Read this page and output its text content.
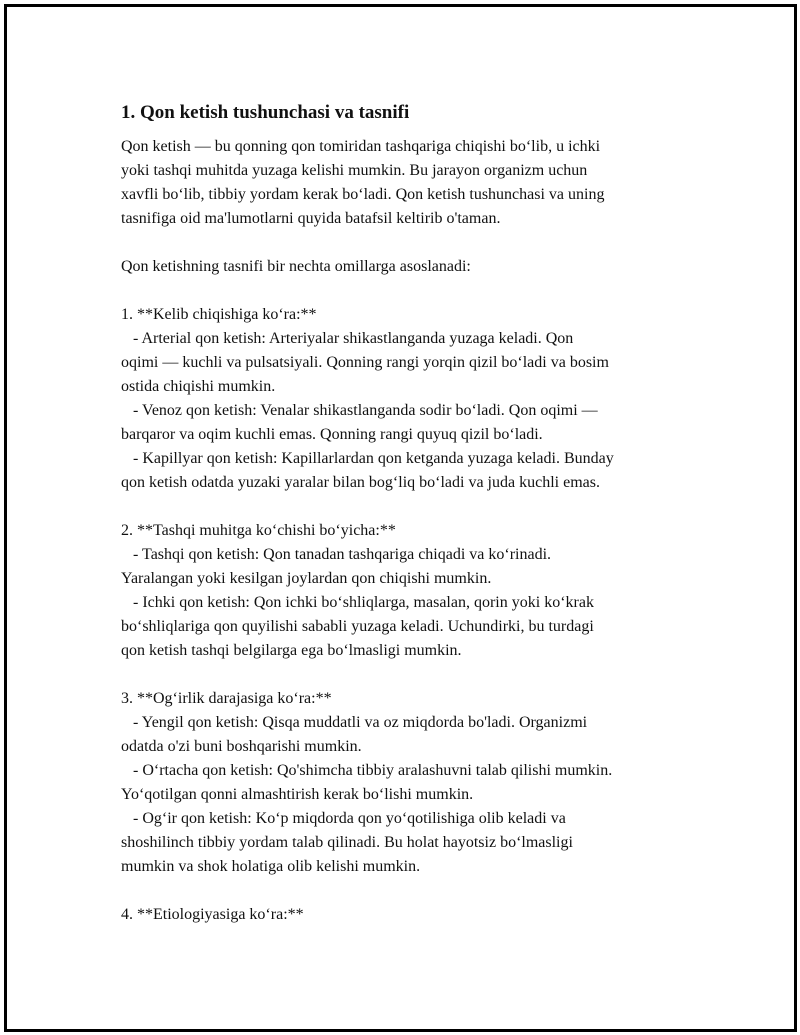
1. Qon ketish tushunchasi va tasnifi
Qon ketish — bu qonning qon tomiridan tashqariga chiqishi bo‘lib, u ichki
yoki tashqi muhitda yuzaga kelishi mumkin. Bu jarayon organizm uchun
xavfli bo‘lib, tibbiy yordam kerak bo‘ladi. Qon ketish tushunchasi va uning
tasnifiga oid ma'lumotlarni quyida batafsil keltirib o'taman.
Qon ketishning tasnifi bir nechta omillarga asoslanadi:
1. **Kelib chiqishiga ko‘ra:**
- Arterial qon ketish: Arteriyalar shikastlanganda yuzaga keladi. Qon
oqimi — kuchli va pulsatsiyali. Qonning rangi yorqin qizil bo‘ladi va bosim
ostida chiqishi mumkin.
- Venoz qon ketish: Venalar shikastlanganda sodir bo‘ladi. Qon oqimi —
barqaror va oqim kuchli emas. Qonning rangi quyuq qizil bo‘ladi.
- Kapillyar qon ketish: Kapillarlardan qon ketganda yuzaga keladi. Bunday
qon ketish odatda yuzaki yaralar bilan bog‘liq bo‘ladi va juda kuchli emas.
2. **Tashqi muhitga ko‘chishi bo‘yicha:**
- Tashqi qon ketish: Qon tanadan tashqariga chiqadi va ko‘rinadi.
Yaralangan yoki kesilgan joylardan qon chiqishi mumkin.
- Ichki qon ketish: Qon ichki bo‘shliqlarga, masalan, qorin yoki ko‘krak
bo‘shliqlariga qon quyilishi sababli yuzaga keladi. Uchundirki, bu turdagi
qon ketish tashqi belgilarga ega bo‘lmasligi mumkin.
3. **Og‘irlik darajasiga ko‘ra:**
- Yengil qon ketish: Qisqa muddatli va oz miqdorda bo'ladi. Organizmi
odatda o'zi buni boshqarishi mumkin.
- O‘rtacha qon ketish: Qo'shimcha tibbiy aralashuvni talab qilishi mumkin.
Yo‘qotilgan qonni almashtirish kerak bo‘lishi mumkin.
- Og‘ir qon ketish: Ko‘p miqdorda qon yo‘qotilishiga olib keladi va
shoshilinch tibbiy yordam talab qilinadi. Bu holat hayotsiz bo‘lmasligi
mumkin va shok holatiga olib kelishi mumkin.
4. **Etiologiyasiga ko‘ra:**
